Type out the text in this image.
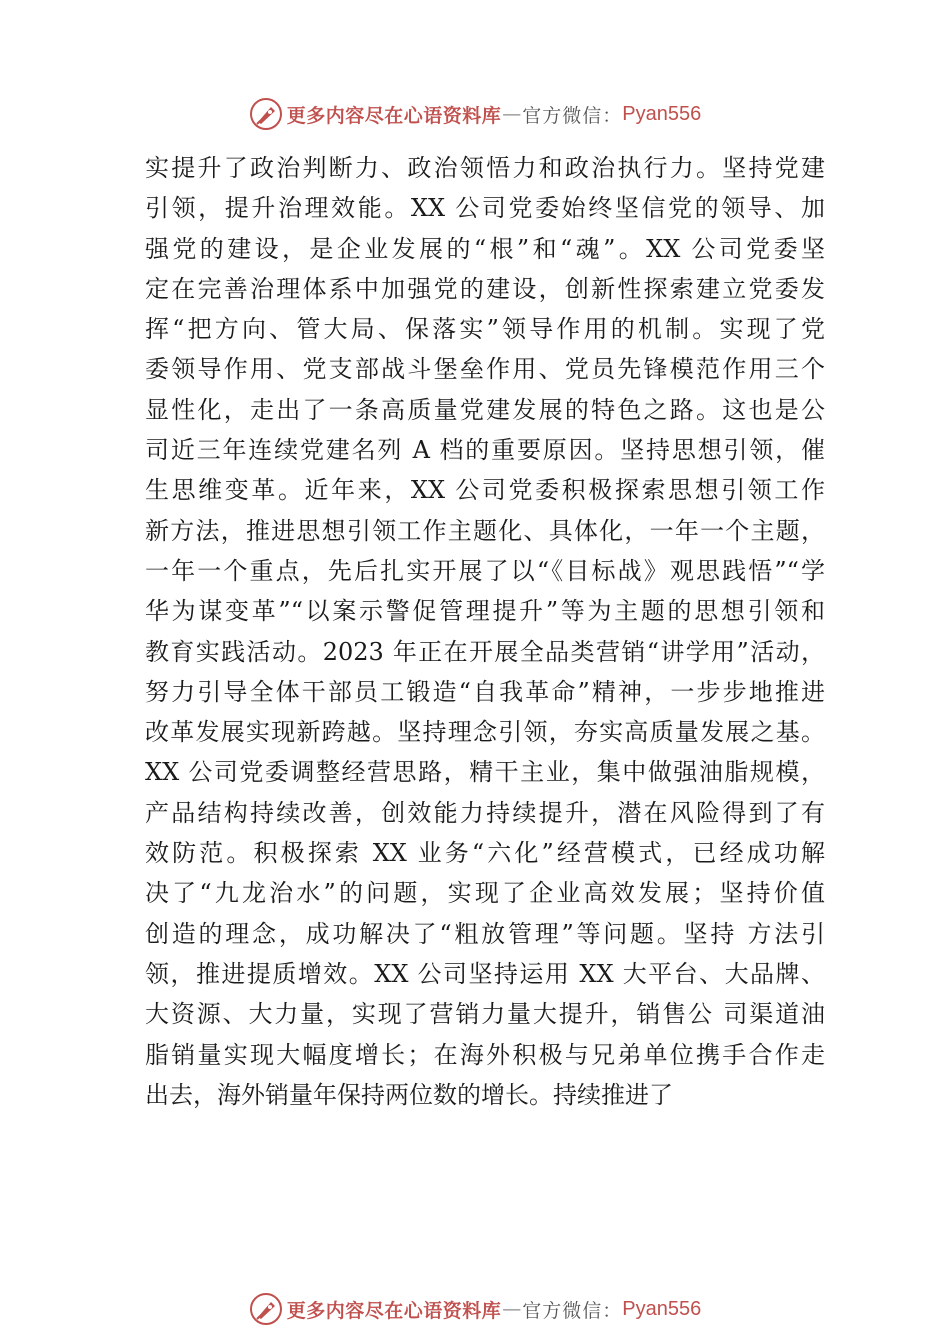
更多内容尽在心语资料库 — 官方微信： Pyan556
实提升了政治判断力、政治领悟力和政治执行力。坚持党建
引领，提升治理效能。XX 公司党委始终坚信党的领导、加
强党的建设，是企业发展的“根”和“魂”。XX 公司党委坚
定在完善治理体系中加强党的建设，创新性探索建立党委发
挥“把方向、管大局、保落实”领导作用的机制。实现了党
委领导作用、党支部战斗堡垒作用、党员先锋模范作用三个
显性化，走出了一条高质量党建发展的特色之路。这也是公
司近三年连续党建名列 A 档的重要原因。坚持思想引领，催
生思维变革。近年来，XX 公司党委积极探索思想引领工作
新方法，推进思想引领工作主题化、具体化，一年一个主题，
一年一个重点，先后扎实开展了以“《目标战》观思践悟”“学
华为谋变革”“以案示警促管理提升”等为主题的思想引领和
教育实践活动。2023 年正在开展全品类营销“讲学用”活动，
努力引导全体干部员工锻造“自我革命”精神，一步步地推进
改革发展实现新跨越。坚持理念引领，夯实高质量发展之基。
XX 公司党委调整经营思路，精干主业，集中做强油脂规模，
产品结构持续改善，创效能力持续提升，潜在风险得到了有
效防范。积极探索 XX 业务“六化”经营模式，已经成功解
决了“九龙治水”的问题，实现了企业高效发展；坚持价值
创造的理念，成功解决了“粗放管理”等问题。坚持 方法引
领，推进提质增效。XX 公司坚持运用 XX 大平台、大品牌、
大资源、大力量，实现了营销力量大提升，销售公 司渠道油
脂销量实现大幅度增长；在海外积极与兄弟单位携手合作走
出去，海外销量年保持两位数的增长。持续推进了
更多内容尽在心语资料库 — 官方微信： Pyan556
